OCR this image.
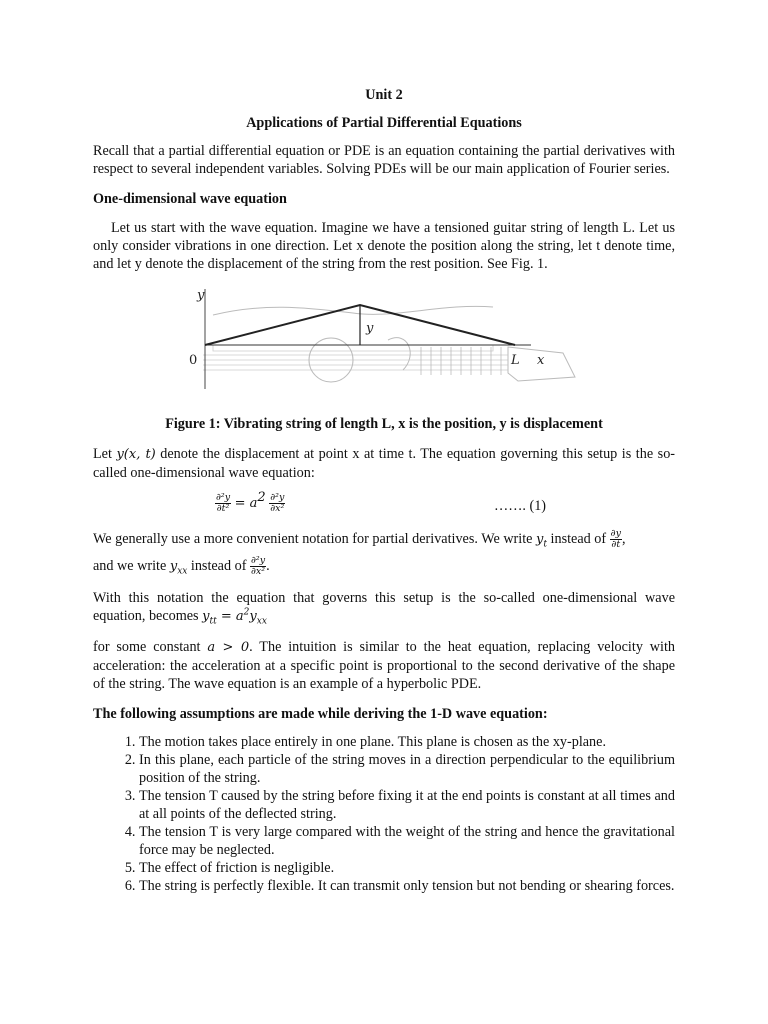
Unit 2

Applications of Partial Differential Equations

Recall that a partial differential equation or PDE is an equation containing the partial derivatives with respect to several independent variables. Solving PDEs will be our main application of Fourier series.

One-dimensional wave equation

Let us start with the wave equation. Imagine we have a tensioned guitar string of length L. Let us only consider vibrations in one direction. Let x denote the position along the string, let t denote time, and let y denote the displacement of the string from the rest position. See Fig. 1.

y
y
0	L x

Figure 1: Vibrating string of length L, x is the position, y is displacement

Let y(x, t) denote the displacement at point x at time t. The equation governing this setup is the so-called one-dimensional wave equation:

$\frac{\text{∂²y}}{\text{∂t²}} = a^2 \frac{\text{∂²y}}{\text{∂x²}}$	……. (1)

We generally use a more convenient notation for partial derivatives. We write $y_t$ instead of $\frac{\partial y}{\partial t}$ ,

and we write $y_{xx}$ instead of $\frac{\text{∂²y}}{\text{∂x²}}$ .

With this notation the equation that governs this setup is the so-called one-dimensional wave equation, becomes $y_{tt} = a^2y_{xx}$

for some constant a > 0. The intuition is similar to the heat equation, replacing velocity with acceleration: the acceleration at a specific point is proportional to the second derivative of the shape of the string. The wave equation is an example of a hyperbolic PDE.

The following assumptions are made while deriving the 1-D wave equation:

1. The motion takes place entirely in one plane. This plane is chosen as the xy-plane.
2. In this plane, each particle of the string moves in a direction perpendicular to the equilibrium position of the string.
3. The tension T caused by the string before fixing it at the end points is constant at all times and at all points of the deflected string.
4. The tension T is very large compared with the weight of the string and hence the gravitational force may be neglected.
5. The effect of friction is negligible.
6. The string is perfectly flexible. It can transmit only tension but not bending or shearing forces.
